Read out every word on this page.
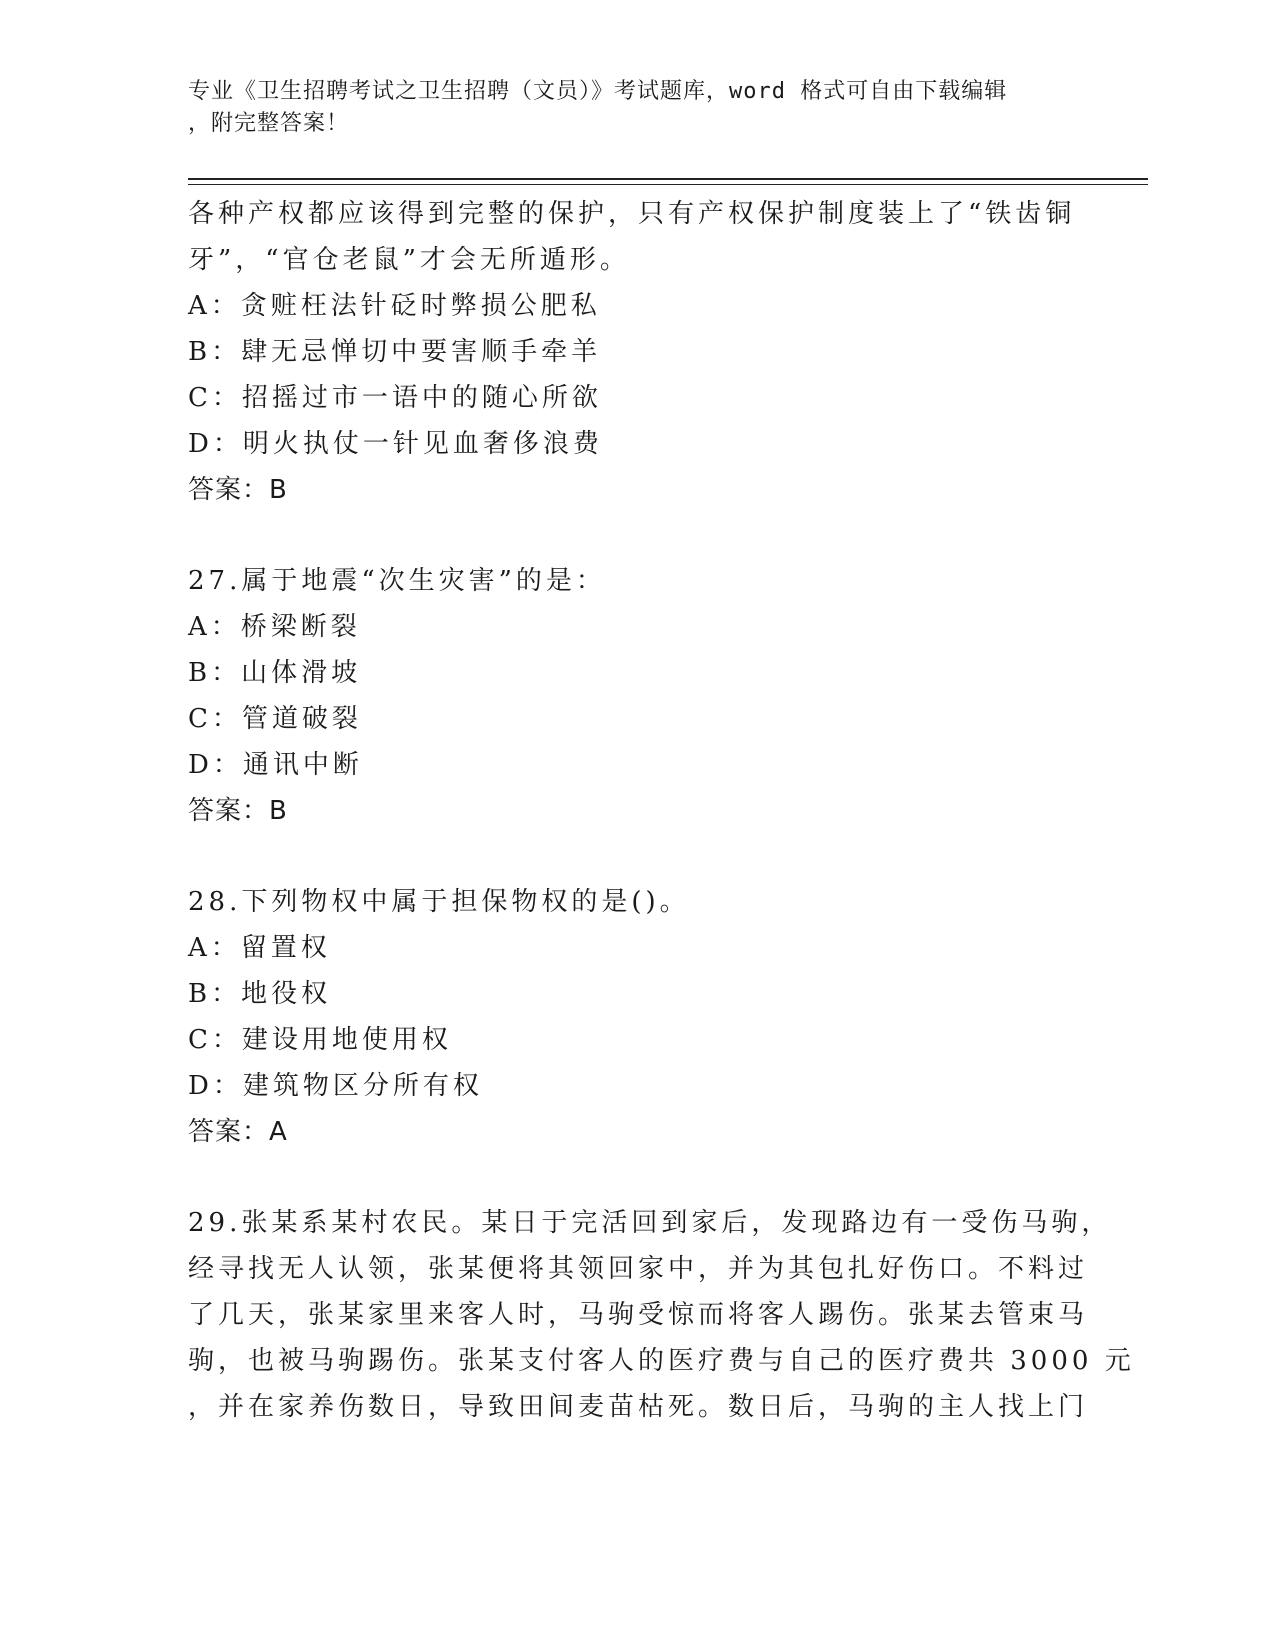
专业《卫生招聘考试之卫生招聘（文员）》考试题库，word 格式可自由下载编辑
，附完整答案！
各种产权都应该得到完整的保护，只有产权保护制度装上了“铁齿铜
牙”，“官仓老鼠”才会无所遁形。
A：贪赃枉法针砭时弊损公肥私
B：肆无忌惮切中要害顺手牵羊
C：招摇过市一语中的随心所欲
D：明火执仗一针见血奢侈浪费
答案：B
27.属于地震“次生灾害”的是：
A：桥梁断裂
B：山体滑坡
C：管道破裂
D：通讯中断
答案：B
28.下列物权中属于担保物权的是()。
A：留置权
B：地役权
C：建设用地使用权
D：建筑物区分所有权
答案：A
29.张某系某村农民。某日于完活回到家后，发现路边有一受伤马驹，
经寻找无人认领，张某便将其领回家中，并为其包扎好伤口。不料过
了几天，张某家里来客人时，马驹受惊而将客人踢伤。张某去管束马
驹，也被马驹踢伤。张某支付客人的医疗费与自己的医疗费共 3000 元
，并在家养伤数日，导致田间麦苗枯死。数日后，马驹的主人找上门
